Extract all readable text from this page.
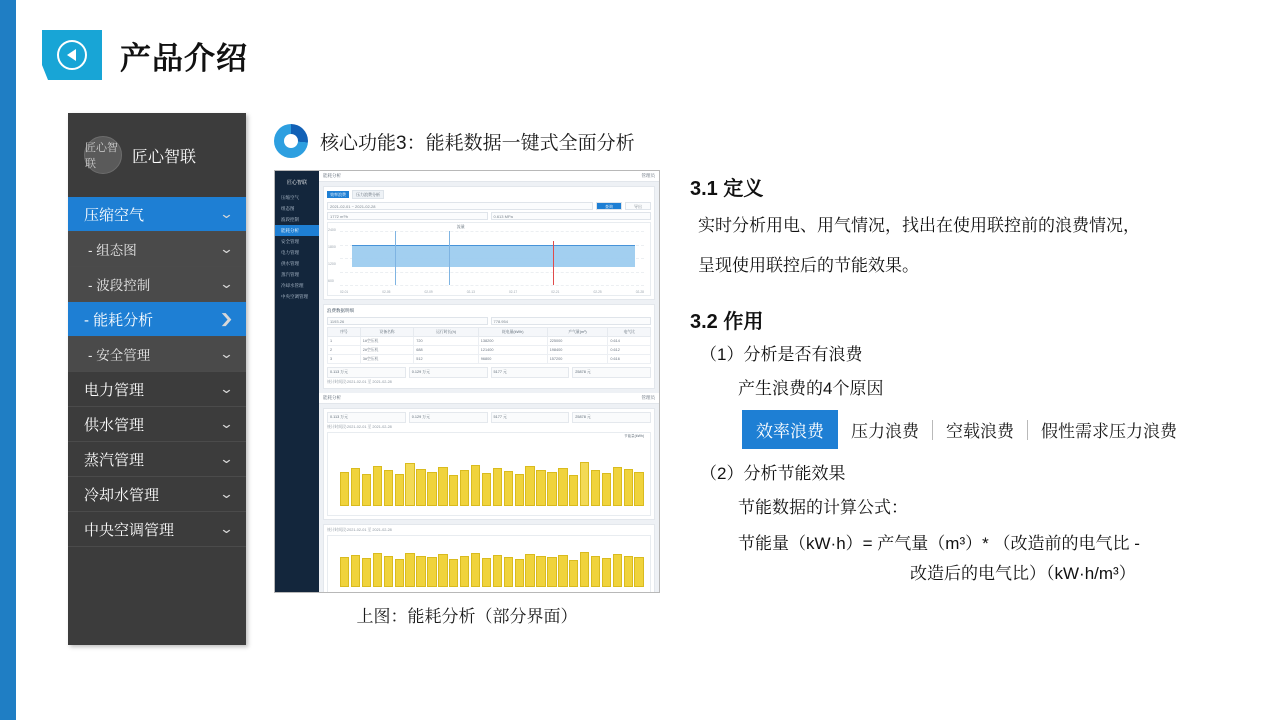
产品介绍
匠心智联	匠心智联
压缩空气	⌄
- 组态图	⌄
- 波段控制	⌄
- 能耗分析	❯
- 安全管理	⌄
电力管理	⌄
供水管理	⌄
蒸汽管理	⌄
冷却水管理	⌄
中央空调管理	⌄
核心功能3：能耗数据一键式全面分析
匠心智联
压缩空气
组态图
波段控制
能耗分析
安全管理
电力管理
供水管理
蒸汽管理
冷却水管理
中央空调管理
能耗分析	管理员
效率浪费	压力浪费分析
2021-02-01 ~ 2021-02-28	查询	导出
1772 m³/h	0.613 MPa
流量
2400
1800
1200
600
02-01	02-05	02-09	02-13	02-17	02-21	02-25	02-28
浪费数据明细
1193.26	778.954
序号	设备名称	运行时长(h)	耗电量(kWh)	产气量(m³)	电气比
1	1#空压机	720	138200	225000	0.614
2	2#空压机	688	121400	198400	0.612
3	3#空压机	512	96800	157200	0.616
0.113 万元	0.129 万元	5177 元	25878 元
统计时间段:2021-02-01 至 2021-02-28
能耗分析	管理员
0.113 万元	0.129 万元	5177 元	25878 元
统计时间段:2021-02-01 至 2021-02-28
节能量(kWh)
统计时间段:2021-02-01 至 2021-02-28
上图：能耗分析（部分界面）
3.1 定义
实时分析用电、用气情况，找出在使用联控前的浪费情况，
呈现使用联控后的节能效果。
3.2 作用
（1）分析是否有浪费
产生浪费的4个原因
效率浪费	压力浪费	空载浪费	假性需求压力浪费
（2）分析节能效果
节能数据的计算公式：
节能量（kW·h）= 产气量（m³）* （改造前的电气比 -
改造后的电气比）（kW·h/m³）
